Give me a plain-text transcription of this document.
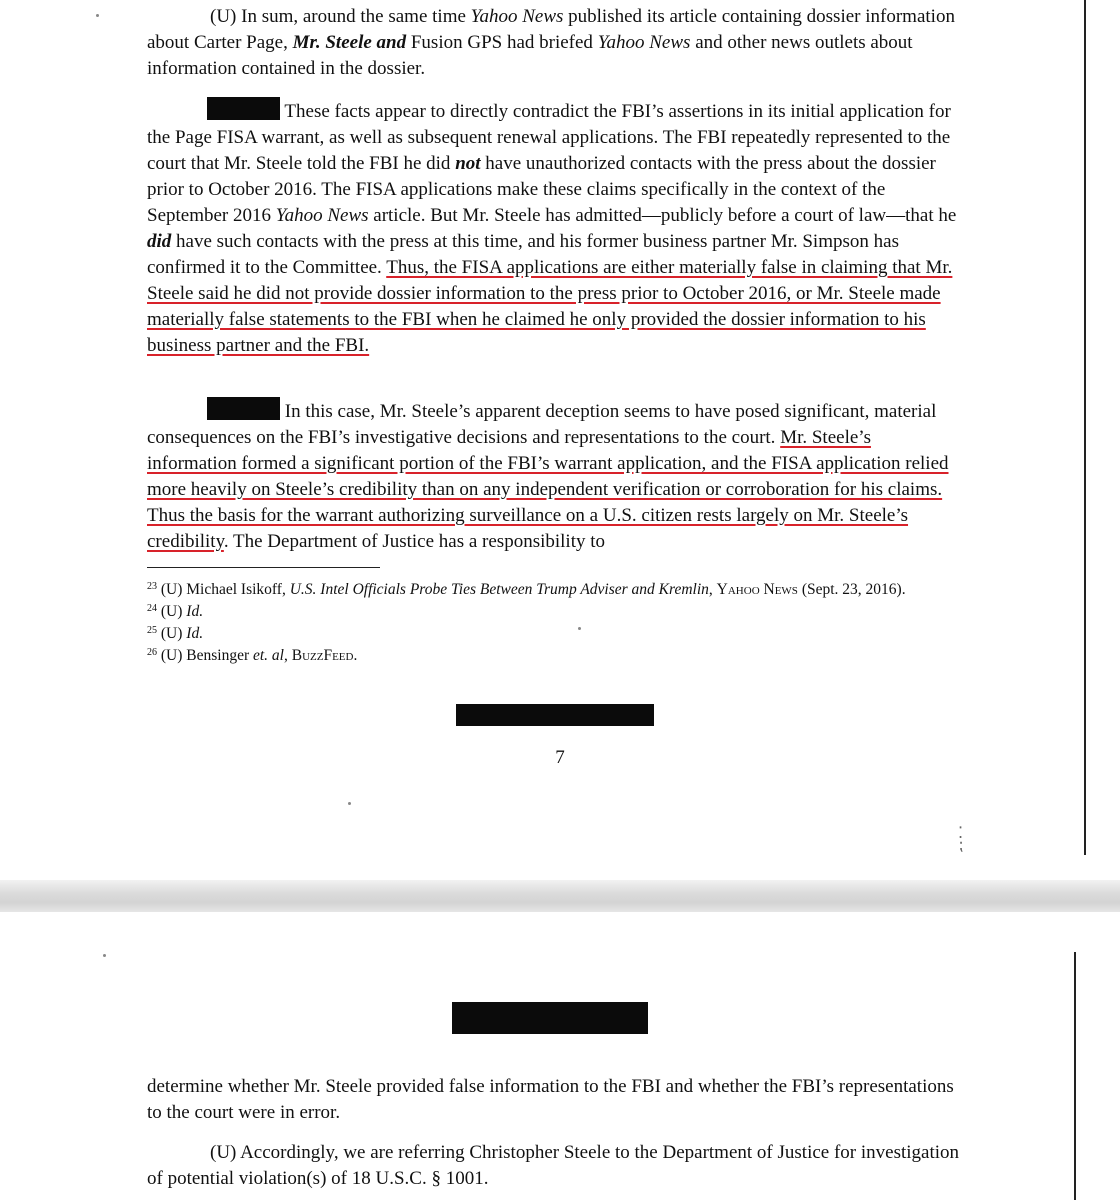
(U) In sum, around the same time Yahoo News published its article containing dossier information about Carter Page, Mr. Steele and Fusion GPS had briefed Yahoo News and other news outlets about information contained in the dossier.

These facts appear to directly contradict the FBI’s assertions in its initial application for the Page FISA warrant, as well as subsequent renewal applications. The FBI repeatedly represented to the court that Mr. Steele told the FBI he did not have unauthorized contacts with the press about the dossier prior to October 2016. The FISA applications make these claims specifically in the context of the September 2016 Yahoo News article. But Mr. Steele has admitted—publicly before a court of law—that he did have such contacts with the press at this time, and his former business partner Mr. Simpson has confirmed it to the Committee. Thus, the FISA applications are either materially false in claiming that Mr. Steele said he did not provide dossier information to the press prior to October 2016, or Mr. Steele made materially false statements to the FBI when he claimed he only provided the dossier information to his business partner and the FBI.

In this case, Mr. Steele’s apparent deception seems to have posed significant, material consequences on the FBI’s investigative decisions and representations to the court. Mr. Steele’s information formed a significant portion of the FBI’s warrant application, and the FISA application relied more heavily on Steele’s credibility than on any independent verification or corroboration for his claims. Thus the basis for the warrant authorizing surveillance on a U.S. citizen rests largely on Mr. Steele’s credibility. The Department of Justice has a responsibility to

$^{23}$ (U) Michael Isikoff, U.S. Intel Officials Probe Ties Between Trump Adviser and Kremlin, Yahoo News (Sept. 23, 2016).

$^{24}$ (U) Id.

$^{25}$ (U) Id.

$^{26}$ (U) Bensinger et. al, BuzzFeed.

7
⁚
⁏

determine whether Mr. Steele provided false information to the FBI and whether the FBI’s representations to the court were in error.

(U) Accordingly, we are referring Christopher Steele to the Department of Justice for investigation of potential violation(s) of 18 U.S.C. § 1001.
